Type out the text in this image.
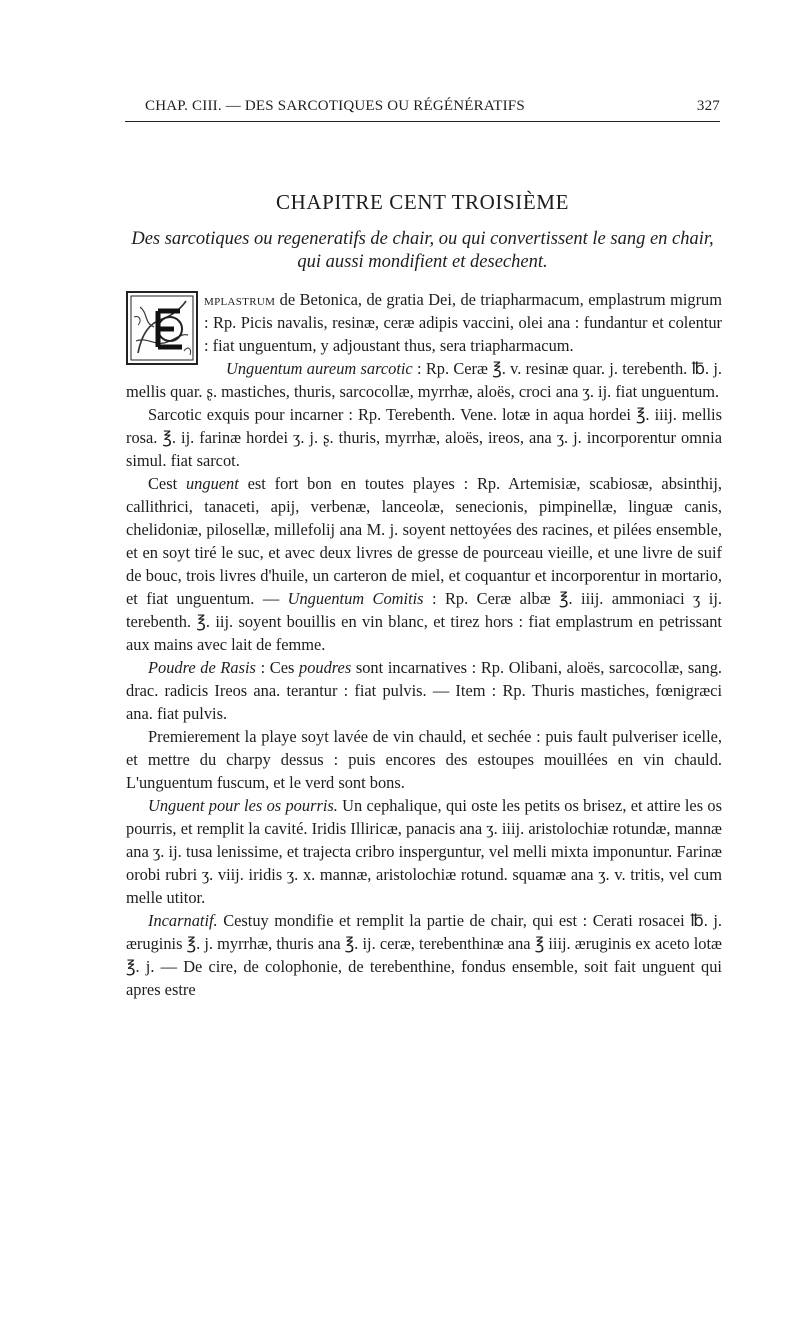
CHAP. CIII. — DES SARCOTIQUES OU RÉGÉNÉRATIFS	327
CHAPITRE CENT TROISIÈME
Des sarcotiques ou regeneratifs de chair, ou qui convertissent le sang en chair, qui aussi mondifient et desechent.

mplastrum de Betonica, de gratia Dei, de triapharmacum, emplastrum migrum : Rp. Picis navalis, resinæ, ceræ adipis vaccini, olei ana : fundantur et colentur : fiat unguentum, y adjoustant thus, sera triapharmacum.

Unguentum aureum sarcotic : Rp. Ceræ ℥. v. resinæ quar. j. terebenth. ℔. j. mellis quar. ʂ. mastiches, thuris, sarcocollæ, myrrhæ, aloës, croci ana ʒ. ij. fiat unguentum.

Sarcotic exquis pour incarner : Rp. Terebenth. Vene. lotæ in aqua hordei ℥. iiij. mellis rosa. ℥. ij. farinæ hordei ʒ. j. ʂ. thuris, myrrhæ, aloës, ireos, ana ʒ. j. incorporentur omnia simul. fiat sarcot.

Cest unguent est fort bon en toutes playes : Rp. Artemisiæ, scabiosæ, absinthij, callithrici, tanaceti, apij, verbenæ, lanceolæ, senecionis, pimpinellæ, linguæ canis, chelidoniæ, pilosellæ, millefolij ana M. j. soyent nettoyées des racines, et pilées ensemble, et en soyt tiré le suc, et avec deux livres de gresse de pourceau vieille, et une livre de suif de bouc, trois livres d'huile, un carteron de miel, et coquantur et incorporentur in mortario, et fiat unguentum. — Unguentum Comitis : Rp. Ceræ albæ ℥. iiij. ammoniaci ʒ ij. terebenth. ℥. iij. soyent bouillis en vin blanc, et tirez hors : fiat emplastrum en petrissant aux mains avec lait de femme.

Poudre de Rasis : Ces poudres sont incarnatives : Rp. Olibani, aloës, sarcocollæ, sang. drac. radicis Ireos ana. terantur : fiat pulvis. — Item : Rp. Thuris mastiches, fœnigræci ana. fiat pulvis.

Premierement la playe soyt lavée de vin chauld, et sechée : puis fault pulveriser icelle, et mettre du charpy dessus : puis encores des estoupes mouillées en vin chauld. L'unguentum fuscum, et le verd sont bons.

Unguent pour les os pourris. Un cephalique, qui oste les petits os brisez, et attire les os pourris, et remplit la cavité. Iridis Illiricæ, panacis ana ʒ. iiij. aristolochiæ rotundæ, mannæ ana ʒ. ij. tusa lenissime, et trajecta cribro insperguntur, vel melli mixta imponuntur. Farinæ orobi rubri ʒ. viij. iridis ʒ. x. mannæ, aristolochiæ rotund. squamæ ana ʒ. v. tritis, vel cum melle utitor.

Incarnatif. Cestuy mondifie et remplit la partie de chair, qui est : Cerati rosacei ℔. j. æruginis ℥. j. myrrhæ, thuris ana ℥. ij. ceræ, terebenthinæ ana ℥ iiij. æruginis ex aceto lotæ ℥. j. — De cire, de colophonie, de terebenthine, fondus ensemble, soit fait unguent qui apres estre
